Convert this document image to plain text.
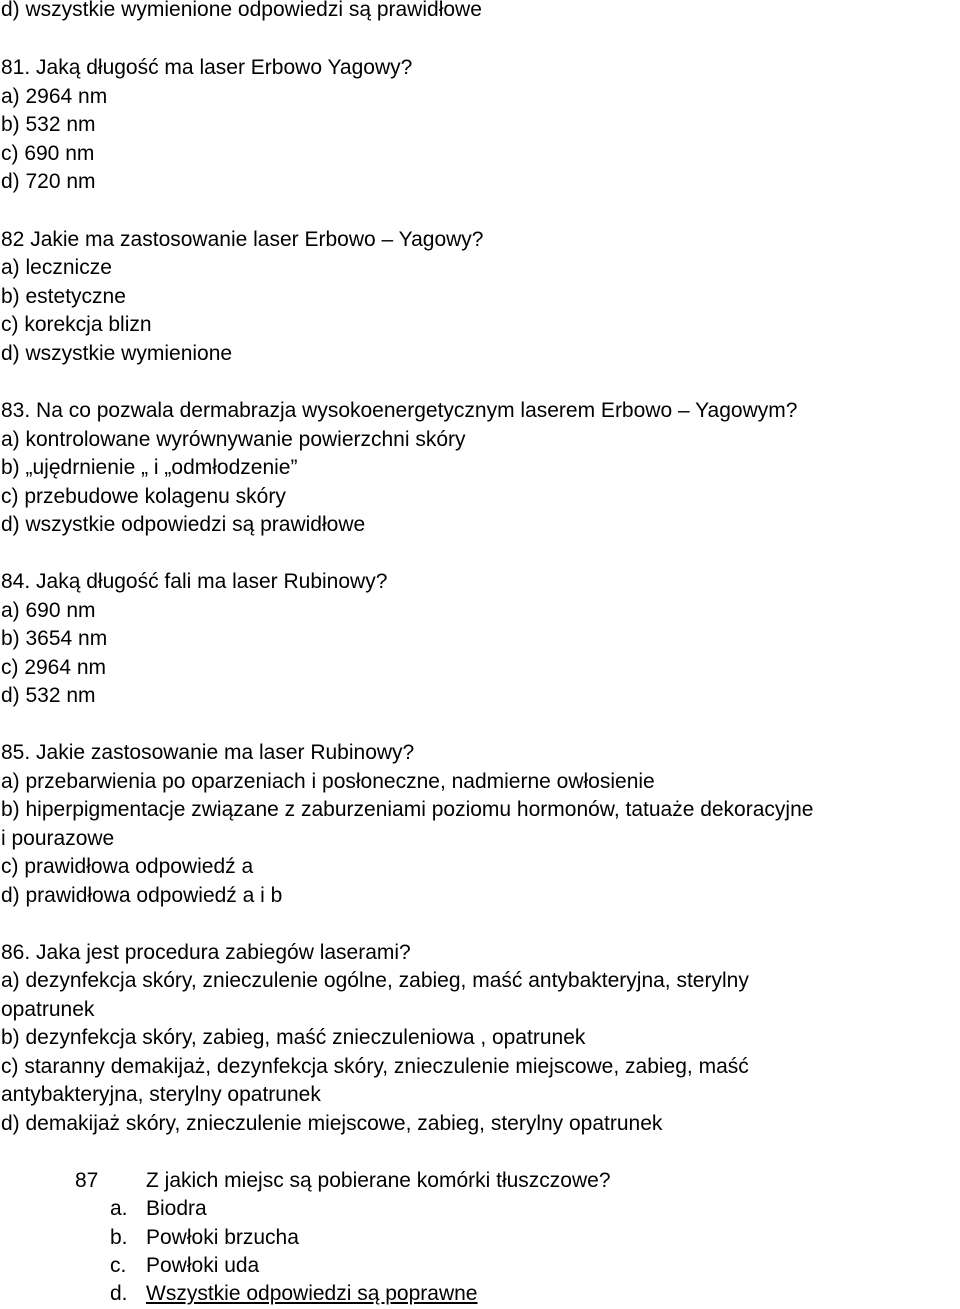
d) wszystkie wymienione odpowiedzi są prawidłowe
81. Jaką długość ma laser Erbowo Yagowy?
a) 2964 nm
b) 532 nm
c) 690 nm
d) 720 nm
82 Jakie ma zastosowanie laser Erbowo – Yagowy?
a) lecznicze
b) estetyczne
c) korekcja blizn
d) wszystkie wymienione
83. Na co pozwala dermabrazja wysokoenergetycznym laserem Erbowo – Yagowym?
a) kontrolowane wyrównywanie powierzchni skóry
b) „ujędrnienie „ i „odmłodzenie”
c) przebudowe kolagenu skóry
d) wszystkie odpowiedzi są prawidłowe
84. Jaką długość fali ma laser Rubinowy?
a) 690 nm
b) 3654 nm
c) 2964 nm
d) 532 nm
85. Jakie zastosowanie ma laser Rubinowy?
a) przebarwienia po oparzeniach i posłoneczne, nadmierne owłosienie
b) hiperpigmentacje związane z zaburzeniami poziomu hormonów, tatuaże dekoracyjne
i pourazowe
c) prawidłowa odpowiedź a
d) prawidłowa odpowiedź a i b
86. Jaka jest procedura zabiegów laserami?
a) dezynfekcja skóry, znieczulenie ogólne, zabieg, maść antybakteryjna, sterylny
opatrunek
b) dezynfekcja skóry, zabieg, maść znieczuleniowa , opatrunek
c) staranny demakijaż, dezynfekcja skóry, znieczulenie miejscowe, zabieg, maść
antybakteryjna, sterylny opatrunek
d) demakijaż skóry, znieczulenie miejscowe, zabieg, sterylny opatrunek
87 Z jakich miejsc są pobierane komórki tłuszczowe?
a. Biodra
b. Powłoki brzucha
c. Powłoki uda
d. Wszystkie odpowiedzi są poprawne
